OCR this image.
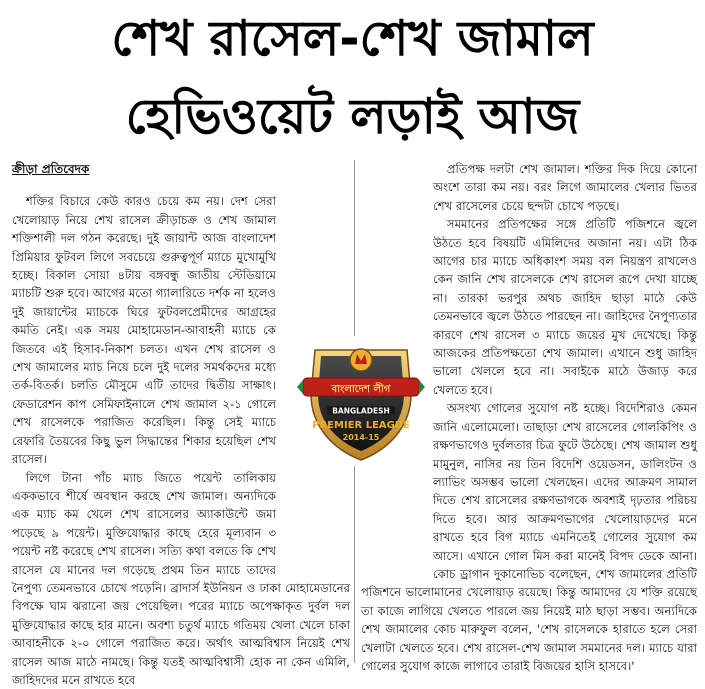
শেখ রাসেল-শেখ জামাল
হেভিওয়েট লড়াই আজ
ক্রীড়া প্রতিবেদক

শক্তির বিচারে কেউ কারও চেয়ে কম নয়। দেশ সেরা খেলোয়াড় নিয়ে শেখ রাসেল ক্রীড়াচক্র ও শেখ জামাল শক্তিশালী দল গঠন করেছে। দুই জায়ান্ট আজ বাংলাদেশ প্রিমিয়ার ফুটবল লিগে সবচেয়ে গুরুত্বপূর্ণ ম্যাচে মুখোমুখি হচ্ছে। বিকাল সোয়া ৪টায় বঙ্গবন্ধু জাতীয় স্টেডিয়ামে ম্যাচটি শুরু হবে। আগের মতো গ্যালারিতে দর্শক না হলেও দুই জায়ান্টের ম্যাচকে ঘিরে ফুটবলপ্রেমীদের আগ্রহের কমতি নেই। এক সময় মোহামেডান-আবাহনী ম্যাচে কে জিতবে এই হিসাব-নিকাশ চলত। এখন শেখ রাসেল ও শেখ জামালের ম্যাচ নিয়ে চলে দুই দলের সমর্থকদের মধ্যে তর্ক-বিতর্ক। চলতি মৌসুমে এটি তাদের দ্বিতীয় সাক্ষাৎ। ফেডারেশন কাপ সেমিফাইনালে শেখ জামাল ২-১ গোলে শেখ রাসেলকে পরাজিত করেছিল। কিন্তু সেই ম্যাচে রেফারি তৈয়বের কিছু ভুল সিদ্ধান্তের শিকার হয়েছিল শেখ রাসেল।

লিগে টানা পাঁচ ম্যাচ জিতে পয়েন্ট তালিকায় এককভাবে শীর্ষে অবস্থান করছে শেখ জামাল। অন্যদিকে এক ম্যাচ কম খেলে শেখ রাসেলের অ্যাকাউন্টে জমা পড়েছে ৯ পয়েন্ট। মুক্তিযোদ্ধার কাছে হেরে মূল্যবান ৩ পয়েন্ট নষ্ট করেছে শেখ রাসেল। সত্যি কথা বলতে কি শেখ রাসেল যে মানের দল গড়েছে প্রথম তিন ম্যাচে তাদের নৈপুণ্য তেমনভাবে চোখে পড়েনি। ব্রাদার্স ইউনিয়ন ও ঢাকা মোহামেডানের বিপক্ষে ঘাম ঝরানো জয় পেয়েছিল। পরের ম্যাচে অপেক্ষাকৃত দুর্বল দল মুক্তিযোদ্ধার কাছে হার মানে। অবশ্য চতুর্থ ম্যাচে গতিময় খেলা খেলে চাকা আবাহনীকে ২-০ গোলে পরাজিত করে। অর্থাৎ আত্মবিশ্বাস নিয়েই শেখ রাসেল আজ মাঠে নামছে। কিন্তু যতই আত্মবিশ্বাসী হোক না কেন এমিলি, জাহিদদের মনে রাখতে হবে

প্রতিপক্ষ দলটা শেখ জামাল। শক্তির দিক দিয়ে কোনো অংশে তারা কম নয়। বরং লিগে জামালের খেলার ভিতর শেখ রাসেলের চেয়ে ছন্দটা চোখে পড়ছে।

সমমানের প্রতিপক্ষের সঙ্গে প্রতিটি পজিশনে জ্বলে উঠতে হবে বিষয়টি এমিলিদের অজানা নয়। এটা ঠিক আগের চার ম্যাচে অধিকাংশ সময় বল নিয়ন্ত্রণ রাখলেও কেন জানি শেখ রাসেলকে শেখ রাসেল রূপে দেখা যাচ্ছে না। তারকা ভরপুর অথচ জাহিদ ছাড়া মাঠে কেউ তেমনভাবে জ্বলে উঠতে পারছেন না। জাহিদের নৈপুণ্যতার কারণে শেখ রাসেল ৩ ম্যাচে জয়ের মুখ দেখেছে। কিন্তু আজকের প্রতিপক্ষতো শেখ জামাল। এখানে শুধু জাহিদ ভালো খেললে হবে না। সবাইকে মাঠে উজাড় করে খেলতে হবে।

অসংখ্য গোলের সুযোগ নষ্ট হচ্ছে। বিদেশিরাও কেমন জানি এলোমেলো। তাছাড়া শেখ রাসেলের গোলকিপিং ও রক্ষণভাগেও দুর্বলতার চিত্র ফুটে উঠেছে। শেখ জামাল শুধু মামুনুল, নাসির নয় তিন বিদেশি ওয়েডসন, ডালিংটন ও ল্যাভিং অসম্ভব ভালো খেলছেন। এদের আক্রমণ সামাল দিতে শেখ রাসেলের রক্ষণভাগকে অবশ্যই দৃঢ়তার পরিচয় দিতে হবে। আর আক্রমণভাগের খেলোয়াড়দের মনে রাখতে হবে বিগ ম্যাচে এমনিতেই গোলের সুযোগ কম আসে। এখানে গোল মিস করা মানেই বিপদ ডেকে আনা। কোচ ড্রাগান দুকানোভিচ বলেছেন, শেখ জামালের প্রতিটি পজিশনে ভালোমানের খেলোয়াড় রয়েছে। কিন্তু আমাদের যে শক্তি রয়েছে তা কাজে লাগিয়ে খেলতে পারলে জয় নিয়েই মাঠ ছাড়া সম্ভব। অন্যদিকে শেখ জামালের কোচ মারুফুল বলেন, 'শেখ রাসেলকে হারাতে হলে সেরা খেলাটা খেলতে হবে। শেখ রাসেল-শেখ জামাল সমমানের দল। ম্যাচে যারা গোলের সুযোগ কাজে লাগাবে তারাই বিজয়ের হাসি হাসবে।'

বাংলাদেশ লীগ
BANGLADESH
PREMIER LEAGUE
2014-15
